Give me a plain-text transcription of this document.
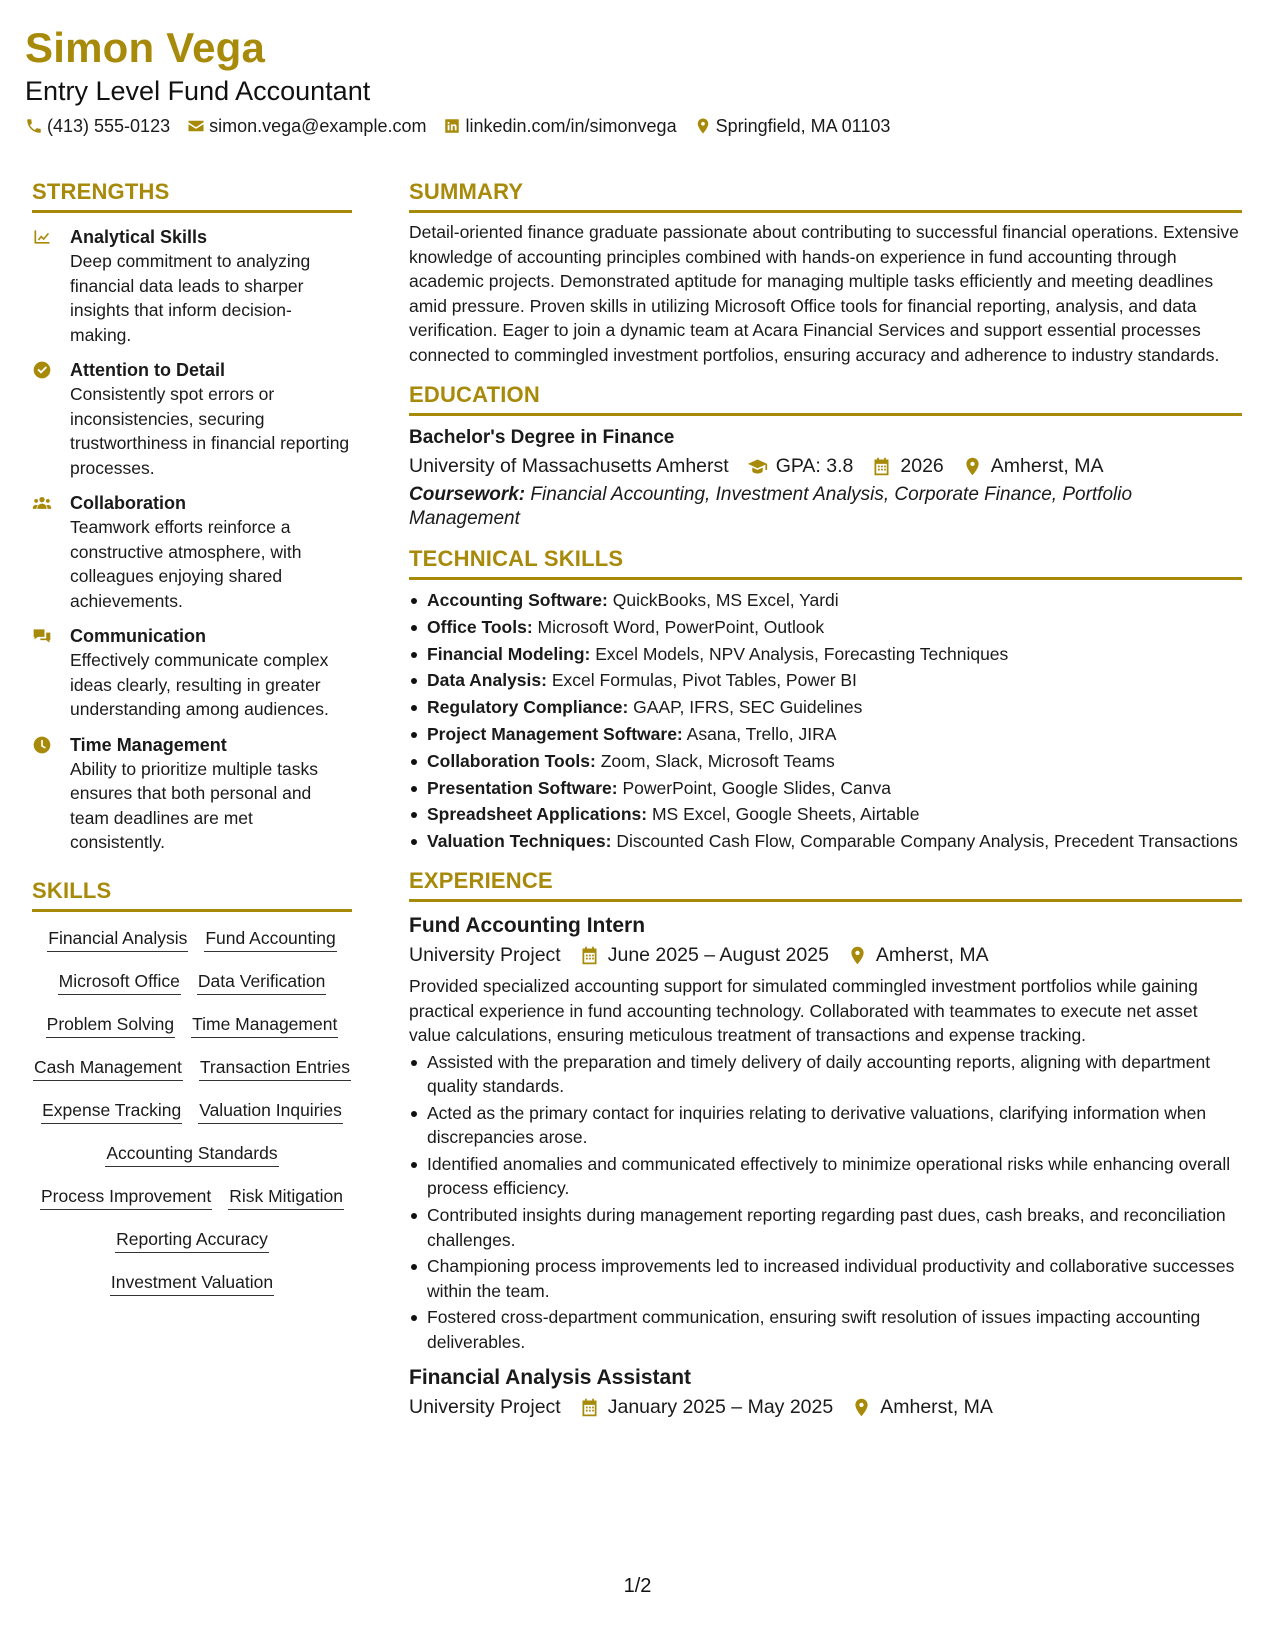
Simon Vega
Entry Level Fund Accountant
(413) 555-0123 simon.vega@example.com linkedin.com/in/simonvega Springfield, MA 01103
STRENGTHS
Analytical Skills
Deep commitment to analyzing financial data leads to sharper insights that inform decision-making.
Attention to Detail
Consistently spot errors or inconsistencies, securing trustworthiness in financial reporting processes.
Collaboration
Teamwork efforts reinforce a constructive atmosphere, with colleagues enjoying shared achievements.
Communication
Effectively communicate complex ideas clearly, resulting in greater understanding among audiences.
Time Management
Ability to prioritize multiple tasks ensures that both personal and team deadlines are met consistently.
SKILLS
Financial Analysis Fund Accounting
Microsoft Office Data Verification
Problem Solving Time Management
Cash Management Transaction Entries
Expense Tracking Valuation Inquiries
Accounting Standards
Process Improvement Risk Mitigation
Reporting Accuracy
Investment Valuation
SUMMARY
Detail-oriented finance graduate passionate about contributing to successful financial operations. Extensive knowledge of accounting principles combined with hands-on experience in fund accounting through academic projects. Demonstrated aptitude for managing multiple tasks efficiently and meeting deadlines amid pressure. Proven skills in utilizing Microsoft Office tools for financial reporting, analysis, and data verification. Eager to join a dynamic team at Acara Financial Services and support essential processes connected to commingled investment portfolios, ensuring accuracy and adherence to industry standards.
EDUCATION
Bachelor's Degree in Finance
University of Massachusetts Amherst GPA: 3.8 2026 Amherst, MA
Coursework: Financial Accounting, Investment Analysis, Corporate Finance, Portfolio Management
TECHNICAL SKILLS
Accounting Software: QuickBooks, MS Excel, Yardi
Office Tools: Microsoft Word, PowerPoint, Outlook
Financial Modeling: Excel Models, NPV Analysis, Forecasting Techniques
Data Analysis: Excel Formulas, Pivot Tables, Power BI
Regulatory Compliance: GAAP, IFRS, SEC Guidelines
Project Management Software: Asana, Trello, JIRA
Collaboration Tools: Zoom, Slack, Microsoft Teams
Presentation Software: PowerPoint, Google Slides, Canva
Spreadsheet Applications: MS Excel, Google Sheets, Airtable
Valuation Techniques: Discounted Cash Flow, Comparable Company Analysis, Precedent Transactions
EXPERIENCE
Fund Accounting Intern
University Project June 2025 – August 2025 Amherst, MA
Provided specialized accounting support for simulated commingled investment portfolios while gaining practical experience in fund accounting technology. Collaborated with teammates to execute net asset value calculations, ensuring meticulous treatment of transactions and expense tracking.
Assisted with the preparation and timely delivery of daily accounting reports, aligning with department quality standards.
Acted as the primary contact for inquiries relating to derivative valuations, clarifying information when discrepancies arose.
Identified anomalies and communicated effectively to minimize operational risks while enhancing overall process efficiency.
Contributed insights during management reporting regarding past dues, cash breaks, and reconciliation challenges.
Championing process improvements led to increased individual productivity and collaborative successes within the team.
Fostered cross-department communication, ensuring swift resolution of issues impacting accounting deliverables.
Financial Analysis Assistant
University Project January 2025 – May 2025 Amherst, MA
1/2
